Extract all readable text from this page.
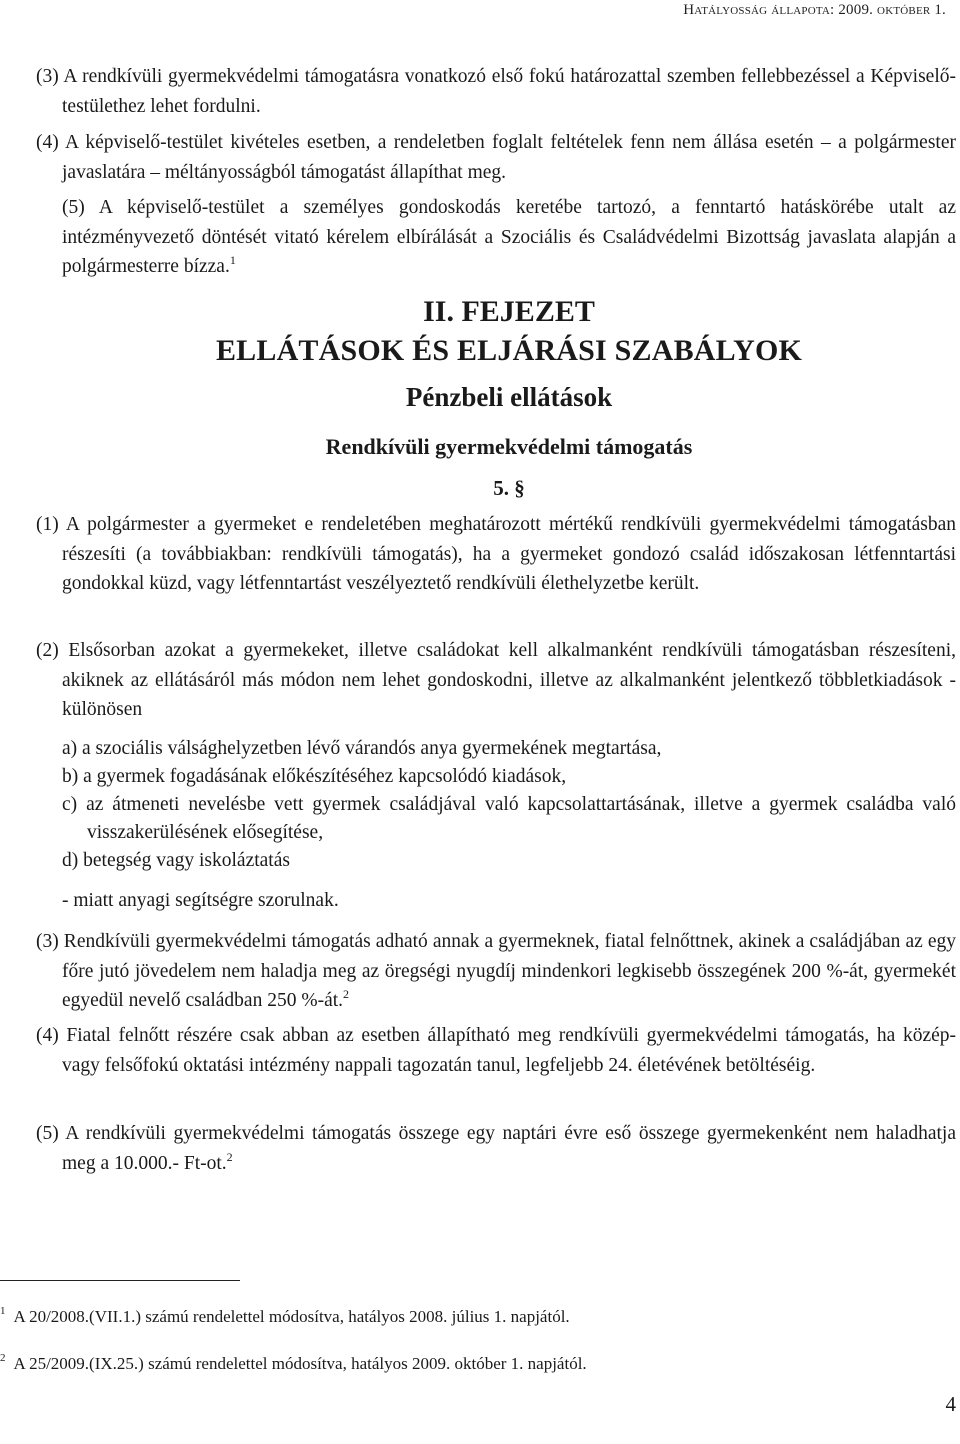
Hatályosság állapota: 2009. október 1.

(3) A rendkívüli gyermekvédelmi támogatásra vonatkozó első fokú határozattal szemben fellebbezéssel a Képviselő-testülethez lehet fordulni.

(4) A képviselő-testület kivételes esetben, a rendeletben foglalt feltételek fenn nem állása esetén – a polgármester javaslatára – méltányosságból támogatást állapíthat meg.

(5) A képviselő-testület a személyes gondoskodás keretébe tartozó, a fenntartó hatáskörébe utalt az intézményvezető döntését vitató kérelem elbírálását a Szociális és Családvédelmi Bizottság javaslata alapján a polgármesterre bízza.$^1$

II. FEJEZET
ELLÁTÁSOK ÉS ELJÁRÁSI SZABÁLYOK
Pénzbeli ellátások
Rendkívüli gyermekvédelmi támogatás
5. §

(1) A polgármester a gyermeket e rendeletében meghatározott mértékű rendkívüli gyermekvédelmi támogatásban részesíti (a továbbiakban: rendkívüli támogatás), ha a gyermeket gondozó család időszakosan létfenntartási gondokkal küzd, vagy létfenntartást veszélyeztető rendkívüli élethelyzetbe került.

(2) Elsősorban azokat a gyermekeket, illetve családokat kell alkalmanként rendkívüli támogatásban részesíteni, akiknek az ellátásáról más módon nem lehet gondoskodni, illetve az alkalmanként jelentkező többletkiadások - különösen

a) a szociális válsághelyzetben lévő várandós anya gyermekének megtartása,

b) a gyermek fogadásának előkészítéséhez kapcsolódó kiadások,

c) az átmeneti nevelésbe vett gyermek családjával való kapcsolattartásának, illetve a gyermek családba való visszakerülésének elősegítése,

d) betegség vagy iskoláztatás

- miatt anyagi segítségre szorulnak.

(3) Rendkívüli gyermekvédelmi támogatás adható annak a gyermeknek, fiatal felnőttnek, akinek a családjában az egy főre jutó jövedelem nem haladja meg az öregségi nyugdíj mindenkori legkisebb összegének 200 %-át, gyermekét egyedül nevelő családban 250 %-át.$^2$

(4) Fiatal felnőtt részére csak abban az esetben állapítható meg rendkívüli gyermekvédelmi támogatás, ha közép- vagy felsőfokú oktatási intézmény nappali tagozatán tanul, legfeljebb 24. életévének betöltéséig.

(5) A rendkívüli gyermekvédelmi támogatás összege egy naptári évre eső összege gyermekenként nem haladhatja meg a 10.000.- Ft-ot.$^2$

$^1$ A 20/2008.(VII.1.) számú rendelettel módosítva, hatályos 2008. július 1. napjától.

$^2$ A 25/2009.(IX.25.) számú rendelettel módosítva, hatályos 2009. október 1. napjától.

4
